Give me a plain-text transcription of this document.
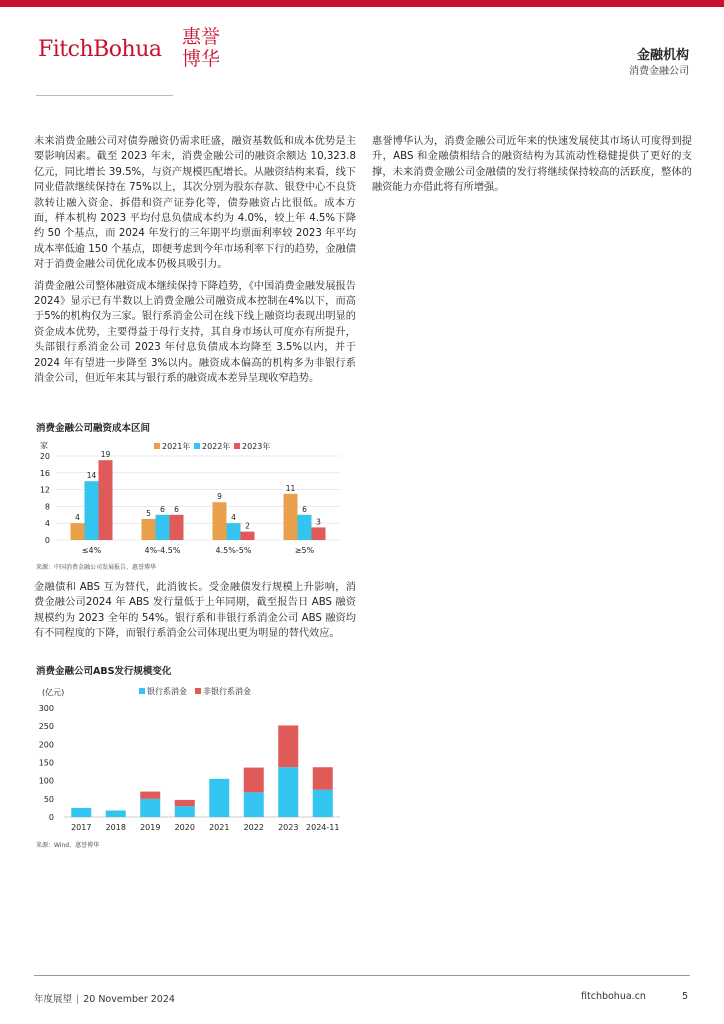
FitchBohua 惠誉博华	金融机构
消费金融公司

未来消费金融公司对债券融资仍需求旺盛，融资基数低和成本优势是主要影响因素。截至 2023 年末，消费金融公司的融资余额达 10,323.8 亿元，同比增长 39.5%，与资产规模匹配增长。从融资结构来看，线下同业借款继续保持在 75%以上，其次分别为股东存款、银登中心不良贷款转让融入资金、拆借和资产证券化等，债券融资占比很低。成本方面，样本机构 2023 平均付息负债成本约为 4.0%，较上年 4.5%下降约 50 个基点，而 2024 年发行的三年期平均票面利率较 2023 年平均成本率低逾 150 个基点，即便考虑到今年市场利率下行的趋势，金融债对于消费金融公司优化成本仍极具吸引力。

消费金融公司整体融资成本继续保持下降趋势，《中国消费金融发展报告 2024》显示已有半数以上消费金融公司融资成本控制在4%以下，而高于5%的机构仅为三家。银行系消金公司在线下线上融资均表现出明显的资金成本优势，主要得益于母行支持，其自身市场认可度亦有所提升，头部银行系消金公司 2023 年付息负债成本均降至 3.5%以内，并于 2024 年有望进一步降至 3%以内。融资成本偏高的机构多为非银行系消金公司，但近年来其与银行系的融资成本差异呈现收窄趋势。

惠誉博华认为，消费金融公司近年来的快速发展使其市场认可度得到提升，ABS 和金融债相结合的融资结构为其流动性稳健提供了更好的支撑，未来消费金融公司金融债的发行将继续保持较高的活跃度，整体的融资能力亦借此将有所增强。

消费金融公司融资成本区间
家
20
16
12
8
4
0
≤4%
4
14
19
4%-4.5%
5 6 6
4.5%-5%
9
4
2
≥5%
11
6
3
2021年 2022年 2023年
来源：中国消费金融公司发展报告、惠誉博华

金融债和 ABS 互为替代，此消彼长。受金融债发行规模上升影响，消费金融公司2024 年 ABS 发行量低于上年同期，截至报告日 ABS 融资规模约为 2023 全年的 54%。银行系和非银行系消金公司 ABS 融资均有不同程度的下降，而银行系消金公司体现出更为明显的替代效应。

消费金融公司ABS发行规模变化
(亿元)
300
250
200
150
100
50
0
2017 2018 2019 2020 2021 2022 2023 2024-11
银行系消金 非银行系消金
来源：Wind、惠誉博华
年度展望 | 20 November 2024	fitchbohua.cn	5
